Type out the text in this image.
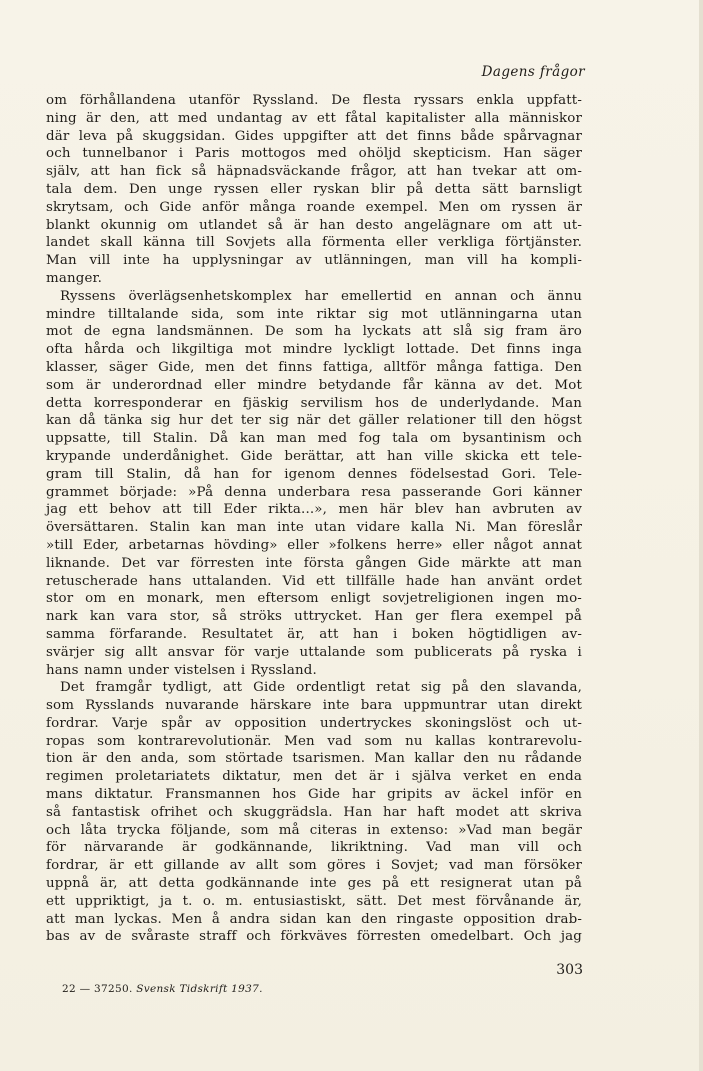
Dagens frågor
om förhållandena utanför Ryssland. De flesta ryssars enkla uppfatt-
ning är den, att med undantag av ett fåtal kapitalister alla människor
där leva på skuggsidan. Gides uppgifter att det finns både spårvagnar
och tunnelbanor i Paris mottogos med ohöljd skepticism. Han säger
själv, att han fick så häpnadsväckande frågor, att han tvekar att om-
tala dem. Den unge ryssen eller ryskan blir på detta sätt barnsligt
skrytsam, och Gide anför många roande exempel. Men om ryssen är
blankt okunnig om utlandet så är han desto angelägnare om att ut-
landet skall känna till Sovjets alla förmenta eller verkliga förtjänster.
Man vill inte ha upplysningar av utlänningen, man vill ha kompli-
manger.
Ryssens överlägsenhetskomplex har emellertid en annan och ännu
mindre tilltalande sida, som inte riktar sig mot utlänningarna utan
mot de egna landsmännen. De som ha lyckats att slå sig fram äro
ofta hårda och likgiltiga mot mindre lyckligt lottade. Det finns inga
klasser, säger Gide, men det finns fattiga, alltför många fattiga. Den
som är underordnad eller mindre betydande får känna av det. Mot
detta korresponderar en fjäskig servilism hos de underlydande. Man
kan då tänka sig hur det ter sig när det gäller relationer till den högst
uppsatte, till Stalin. Då kan man med fog tala om bysantinism och
krypande underdånighet. Gide berättar, att han ville skicka ett tele-
gram till Stalin, då han for igenom dennes födelsestad Gori. Tele-
grammet började: »På denna underbara resa passerande Gori känner
jag ett behov att till Eder rikta...», men här blev han avbruten av
översättaren. Stalin kan man inte utan vidare kalla Ni. Man föreslår
»till Eder, arbetarnas hövding» eller »folkens herre» eller något annat
liknande. Det var förresten inte första gången Gide märkte att man
retuscherade hans uttalanden. Vid ett tillfälle hade han använt ordet
stor om en monark, men eftersom enligt sovjetreligionen ingen mo-
nark kan vara stor, så ströks uttrycket. Han ger flera exempel på
samma förfarande. Resultatet är, att han i boken högtidligen av-
svärjer sig allt ansvar för varje uttalande som publicerats på ryska i
hans namn under vistelsen i Ryssland.
Det framgår tydligt, att Gide ordentligt retat sig på den slavanda,
som Rysslands nuvarande härskare inte bara uppmuntrar utan direkt
fordrar. Varje spår av opposition undertryckes skoningslöst och ut-
ropas som kontrarevolutionär. Men vad som nu kallas kontrarevolu-
tion är den anda, som störtade tsarismen. Man kallar den nu rådande
regimen proletariatets diktatur, men det är i själva verket en enda
mans diktatur. Fransmannen hos Gide har gripits av äckel inför en
så fantastisk ofrihet och skuggrädsla. Han har haft modet att skriva
och låta trycka följande, som må citeras in extenso: »Vad man begär
för närvarande är godkännande, likriktning. Vad man vill och
fordrar, är ett gillande av allt som göres i Sovjet; vad man försöker
uppnå är, att detta godkännande inte ges på ett resignerat utan på
ett uppriktigt, ja t. o. m. entusiastiskt, sätt. Det mest förvånande är,
att man lyckas. Men å andra sidan kan den ringaste opposition drab-
bas av de svåraste straff och förkväves förresten omedelbart. Och jag
303
22 — 37250. Svensk Tidskrift 1937.
